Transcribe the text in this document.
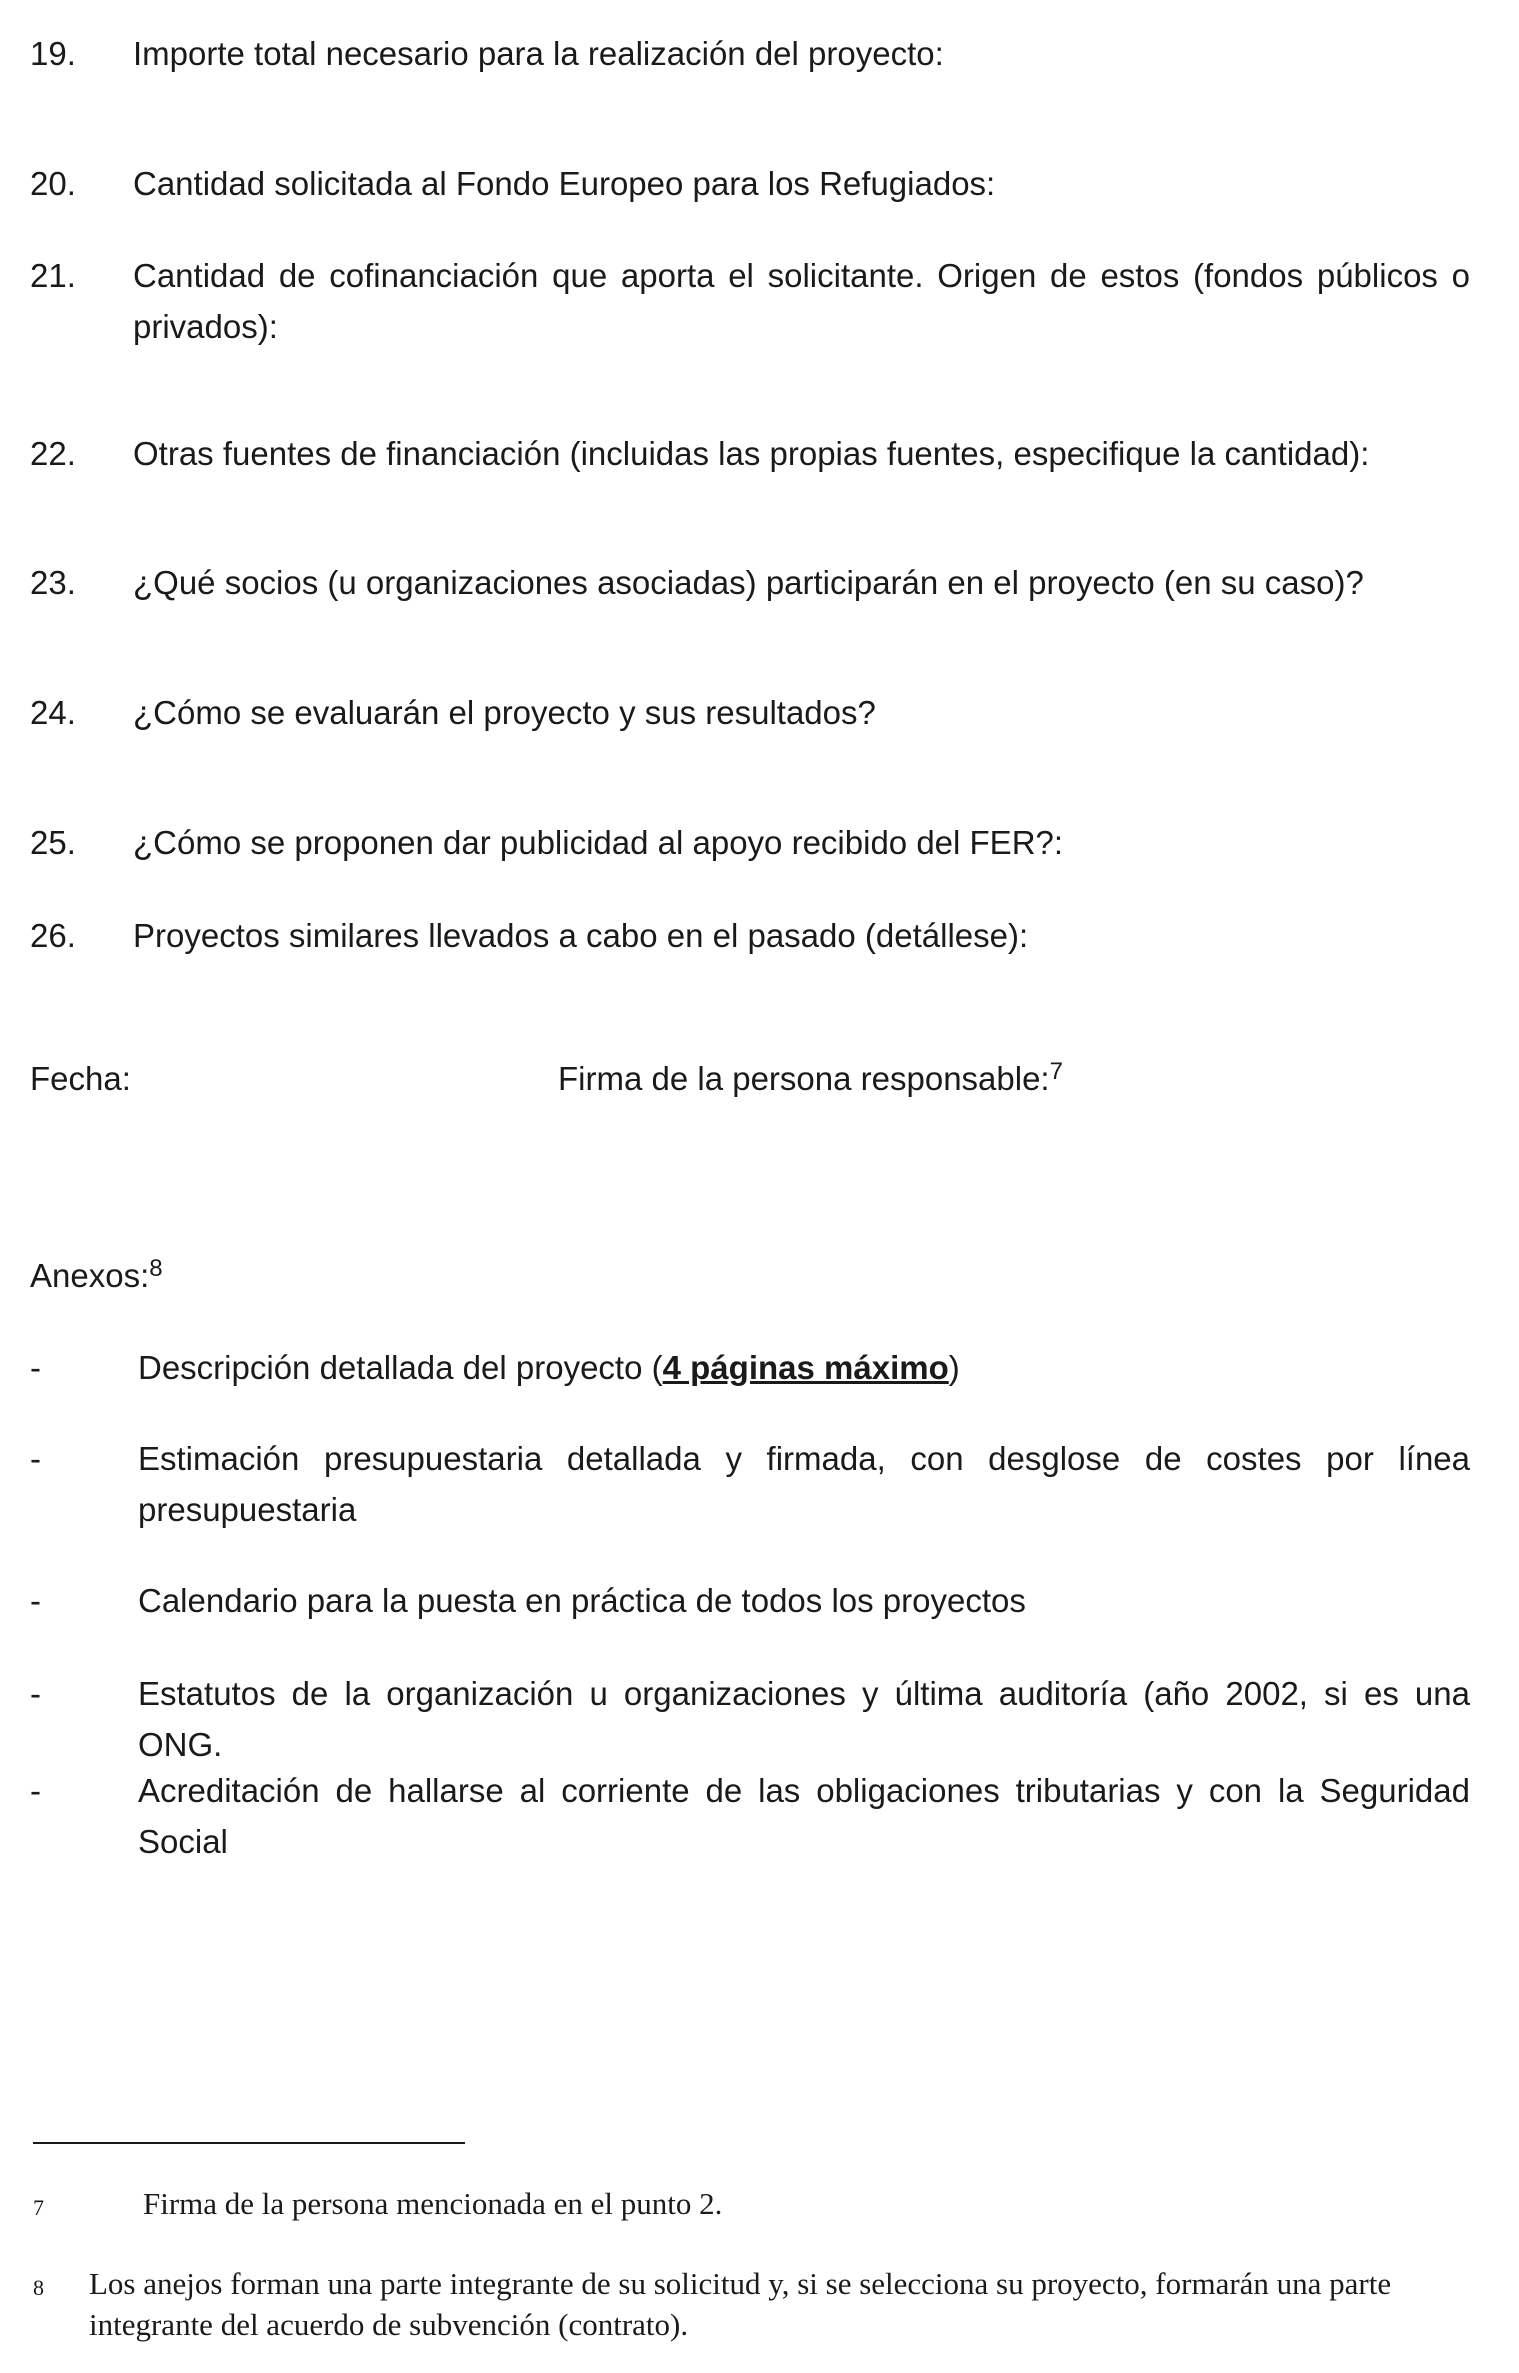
19. Importe total necesario para la realización del proyecto:
20. Cantidad solicitada al Fondo Europeo para los Refugiados:
21. Cantidad de cofinanciación que aporta el solicitante. Origen de estos (fondos públicos o privados):
22. Otras fuentes de financiación (incluidas las propias fuentes, especifique la cantidad):
23. ¿Qué socios (u organizaciones asociadas) participarán en el proyecto (en su caso)?
24. ¿Cómo se evaluarán el proyecto y sus resultados?
25. ¿Cómo se proponen dar publicidad al apoyo recibido del FER?:
26. Proyectos similares llevados a cabo en el pasado (detállese):
Fecha:	Firma de la persona responsable:$^7$
Anexos:$^8$
-	Descripción detallada del proyecto (4 páginas máximo)
-	Estimación presupuestaria detallada y firmada, con desglose de costes por línea presupuestaria
-	Calendario para la puesta en práctica de todos los proyectos
-	Estatutos de la organización u organizaciones y última auditoría (año 2002, si es una ONG.
-	Acreditación de hallarse al corriente de las obligaciones tributarias y con la Seguridad Social
7	Firma de la persona mencionada en el punto 2.
8 Los anejos forman una parte integrante de su solicitud y, si se selecciona su proyecto, formarán una parte integrante del acuerdo de subvención (contrato).
